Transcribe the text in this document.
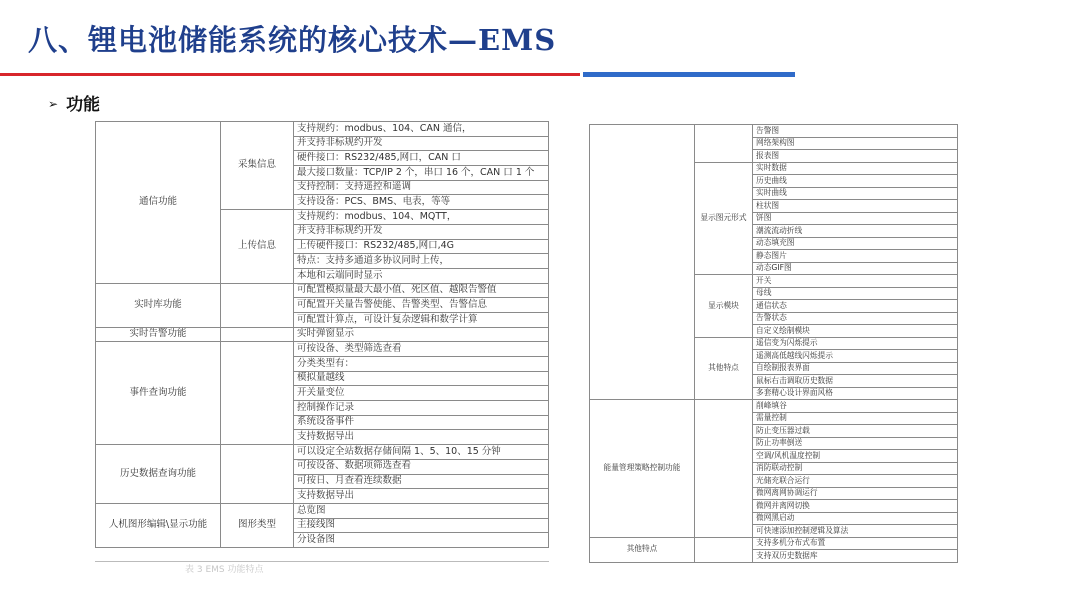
八、锂电池储能系统的核心技术—EMS
➢ 功能
通信功能	采集信息	支持规约：modbus、104、CAN 通信，
		并支持非标规约开发
		硬件接口：RS232/485,网口，CAN 口
		最大接口数量：TCP/IP 2 个，串口 16 个，CAN 口 1 个
		支持控制：支持遥控和遥调
		支持设备：PCS、BMS、电表，等等
	上传信息	支持规约：modbus、104、MQTT，
		并支持非标规约开发
		上传硬件接口：RS232/485,网口,4G
		特点：支持多通道多协议同时上传，
		本地和云端同时显示
实时库功能		可配置模拟量最大最小值、死区值、越限告警值
		可配置开关量告警使能、告警类型、告警信息
		可配置计算点，可设计复杂逻辑和数学计算
实时告警功能		实时弹窗显示
事件查询功能		可按设备、类型筛选查看
		分类类型有：
		模拟量越线
		开关量变位
		控制操作记录
		系统设备事件
		支持数据导出
历史数据查询功能		可以设定全站数据存储间隔 1、5、10、15 分钟
		可按设备、数据项筛选查看
		可按日、月查看连续数据
		支持数据导出
人机图形编辑\显示功能	图形类型	总览图
		主接线图
		分设备图
		告警图
		网络架构图
		报表图
	显示图元形式	实时数据
		历史曲线
		实时曲线
		柱状图
		饼图
		潮流流动折线
		动态填充图
		静态图片
		动态GIF图
	显示模块	开关
		母线
		通信状态
		告警状态
		自定义绘制模块
	其他特点	遥信变为闪烁提示
		遥测高低越线闪烁提示
		自绘制报表界面
		鼠标右击调取历史数据
		多套精心设计界面风格
能量管理策略控制功能		削峰填谷
		需量控制
		防止变压器过载
		防止功率倒送
		空调/风机温度控制
		消防联动控制
		光储充联合运行
		微网离网协调运行
		微网并离网切换
		微网黑启动
		可快速添加控制逻辑及算法
其他特点		支持多机分布式布置
		支持双历史数据库
表 3 EMS 功能特点
